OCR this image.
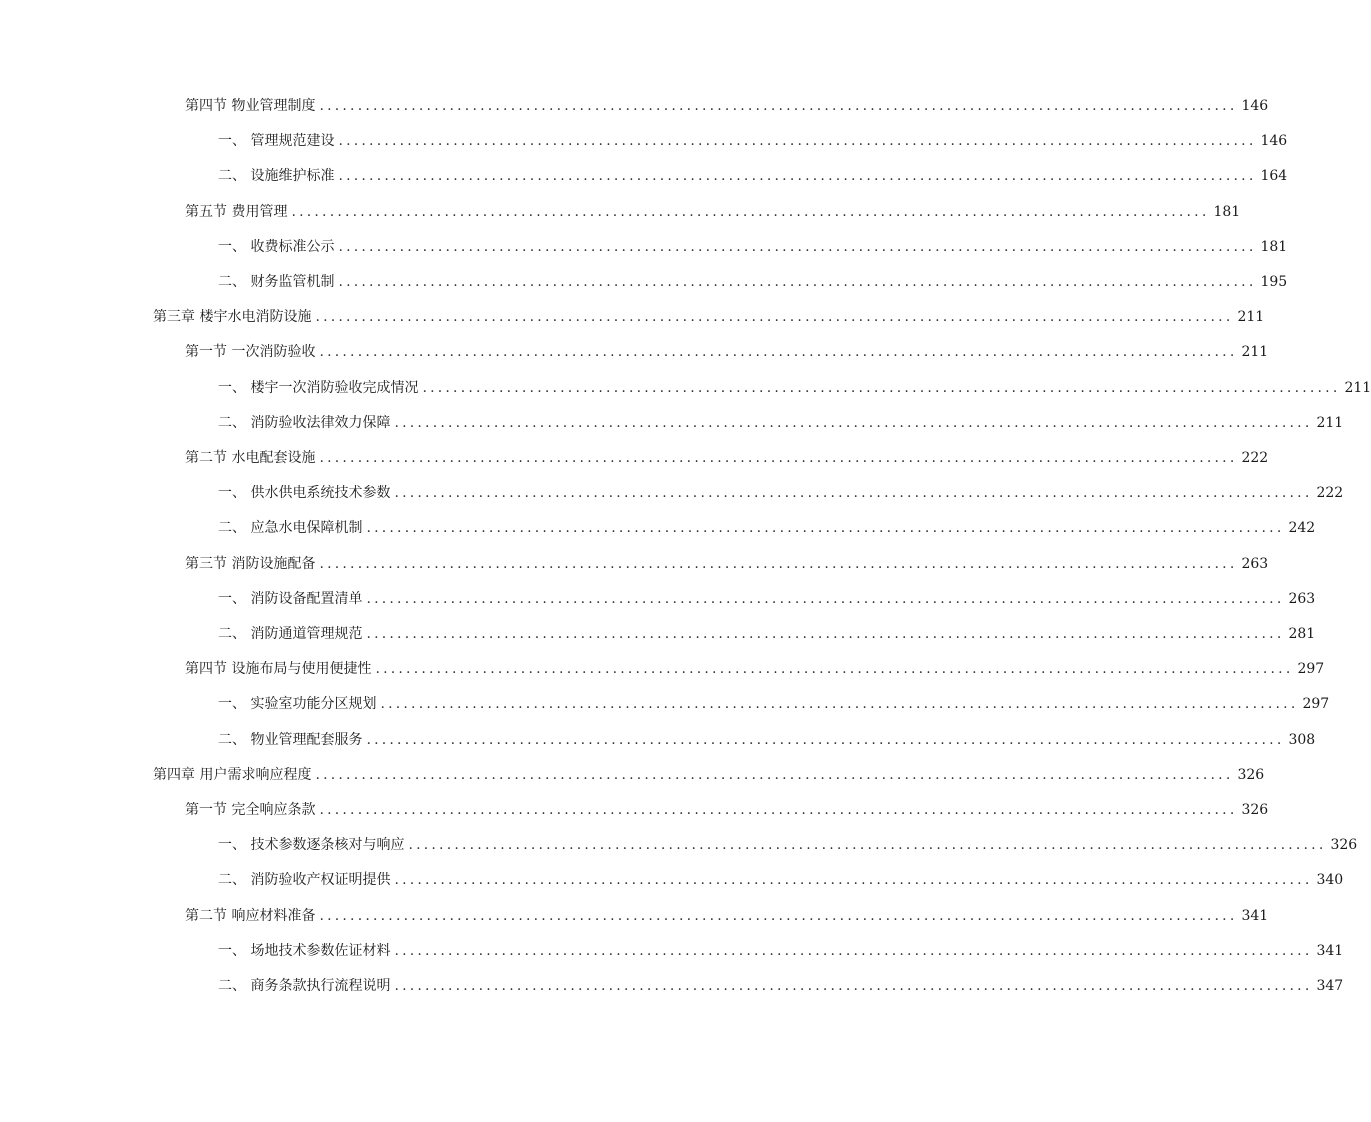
第四节 物业管理制度 ........................................................................................................................ 146
一、 管理规范建设 ........................................................................................................................ 146
二、 设施维护标准 ........................................................................................................................ 164
第五节 费用管理 ........................................................................................................................ 181
一、 收费标准公示 ........................................................................................................................ 181
二、 财务监管机制 ........................................................................................................................ 195
第三章 楼宇水电消防设施 ........................................................................................................................ 211
第一节 一次消防验收 ........................................................................................................................ 211
一、 楼宇一次消防验收完成情况 ........................................................................................................................ 211
二、 消防验收法律效力保障 ........................................................................................................................ 211
第二节 水电配套设施 ........................................................................................................................ 222
一、 供水供电系统技术参数 ........................................................................................................................ 222
二、 应急水电保障机制 ........................................................................................................................ 242
第三节 消防设施配备 ........................................................................................................................ 263
一、 消防设备配置清单 ........................................................................................................................ 263
二、 消防通道管理规范 ........................................................................................................................ 281
第四节 设施布局与使用便捷性 ........................................................................................................................ 297
一、 实验室功能分区规划 ........................................................................................................................ 297
二、 物业管理配套服务 ........................................................................................................................ 308
第四章 用户需求响应程度 ........................................................................................................................ 326
第一节 完全响应条款 ........................................................................................................................ 326
一、 技术参数逐条核对与响应 ........................................................................................................................ 326
二、 消防验收产权证明提供 ........................................................................................................................ 340
第二节 响应材料准备 ........................................................................................................................ 341
一、 场地技术参数佐证材料 ........................................................................................................................ 341
二、 商务条款执行流程说明 ........................................................................................................................ 347
